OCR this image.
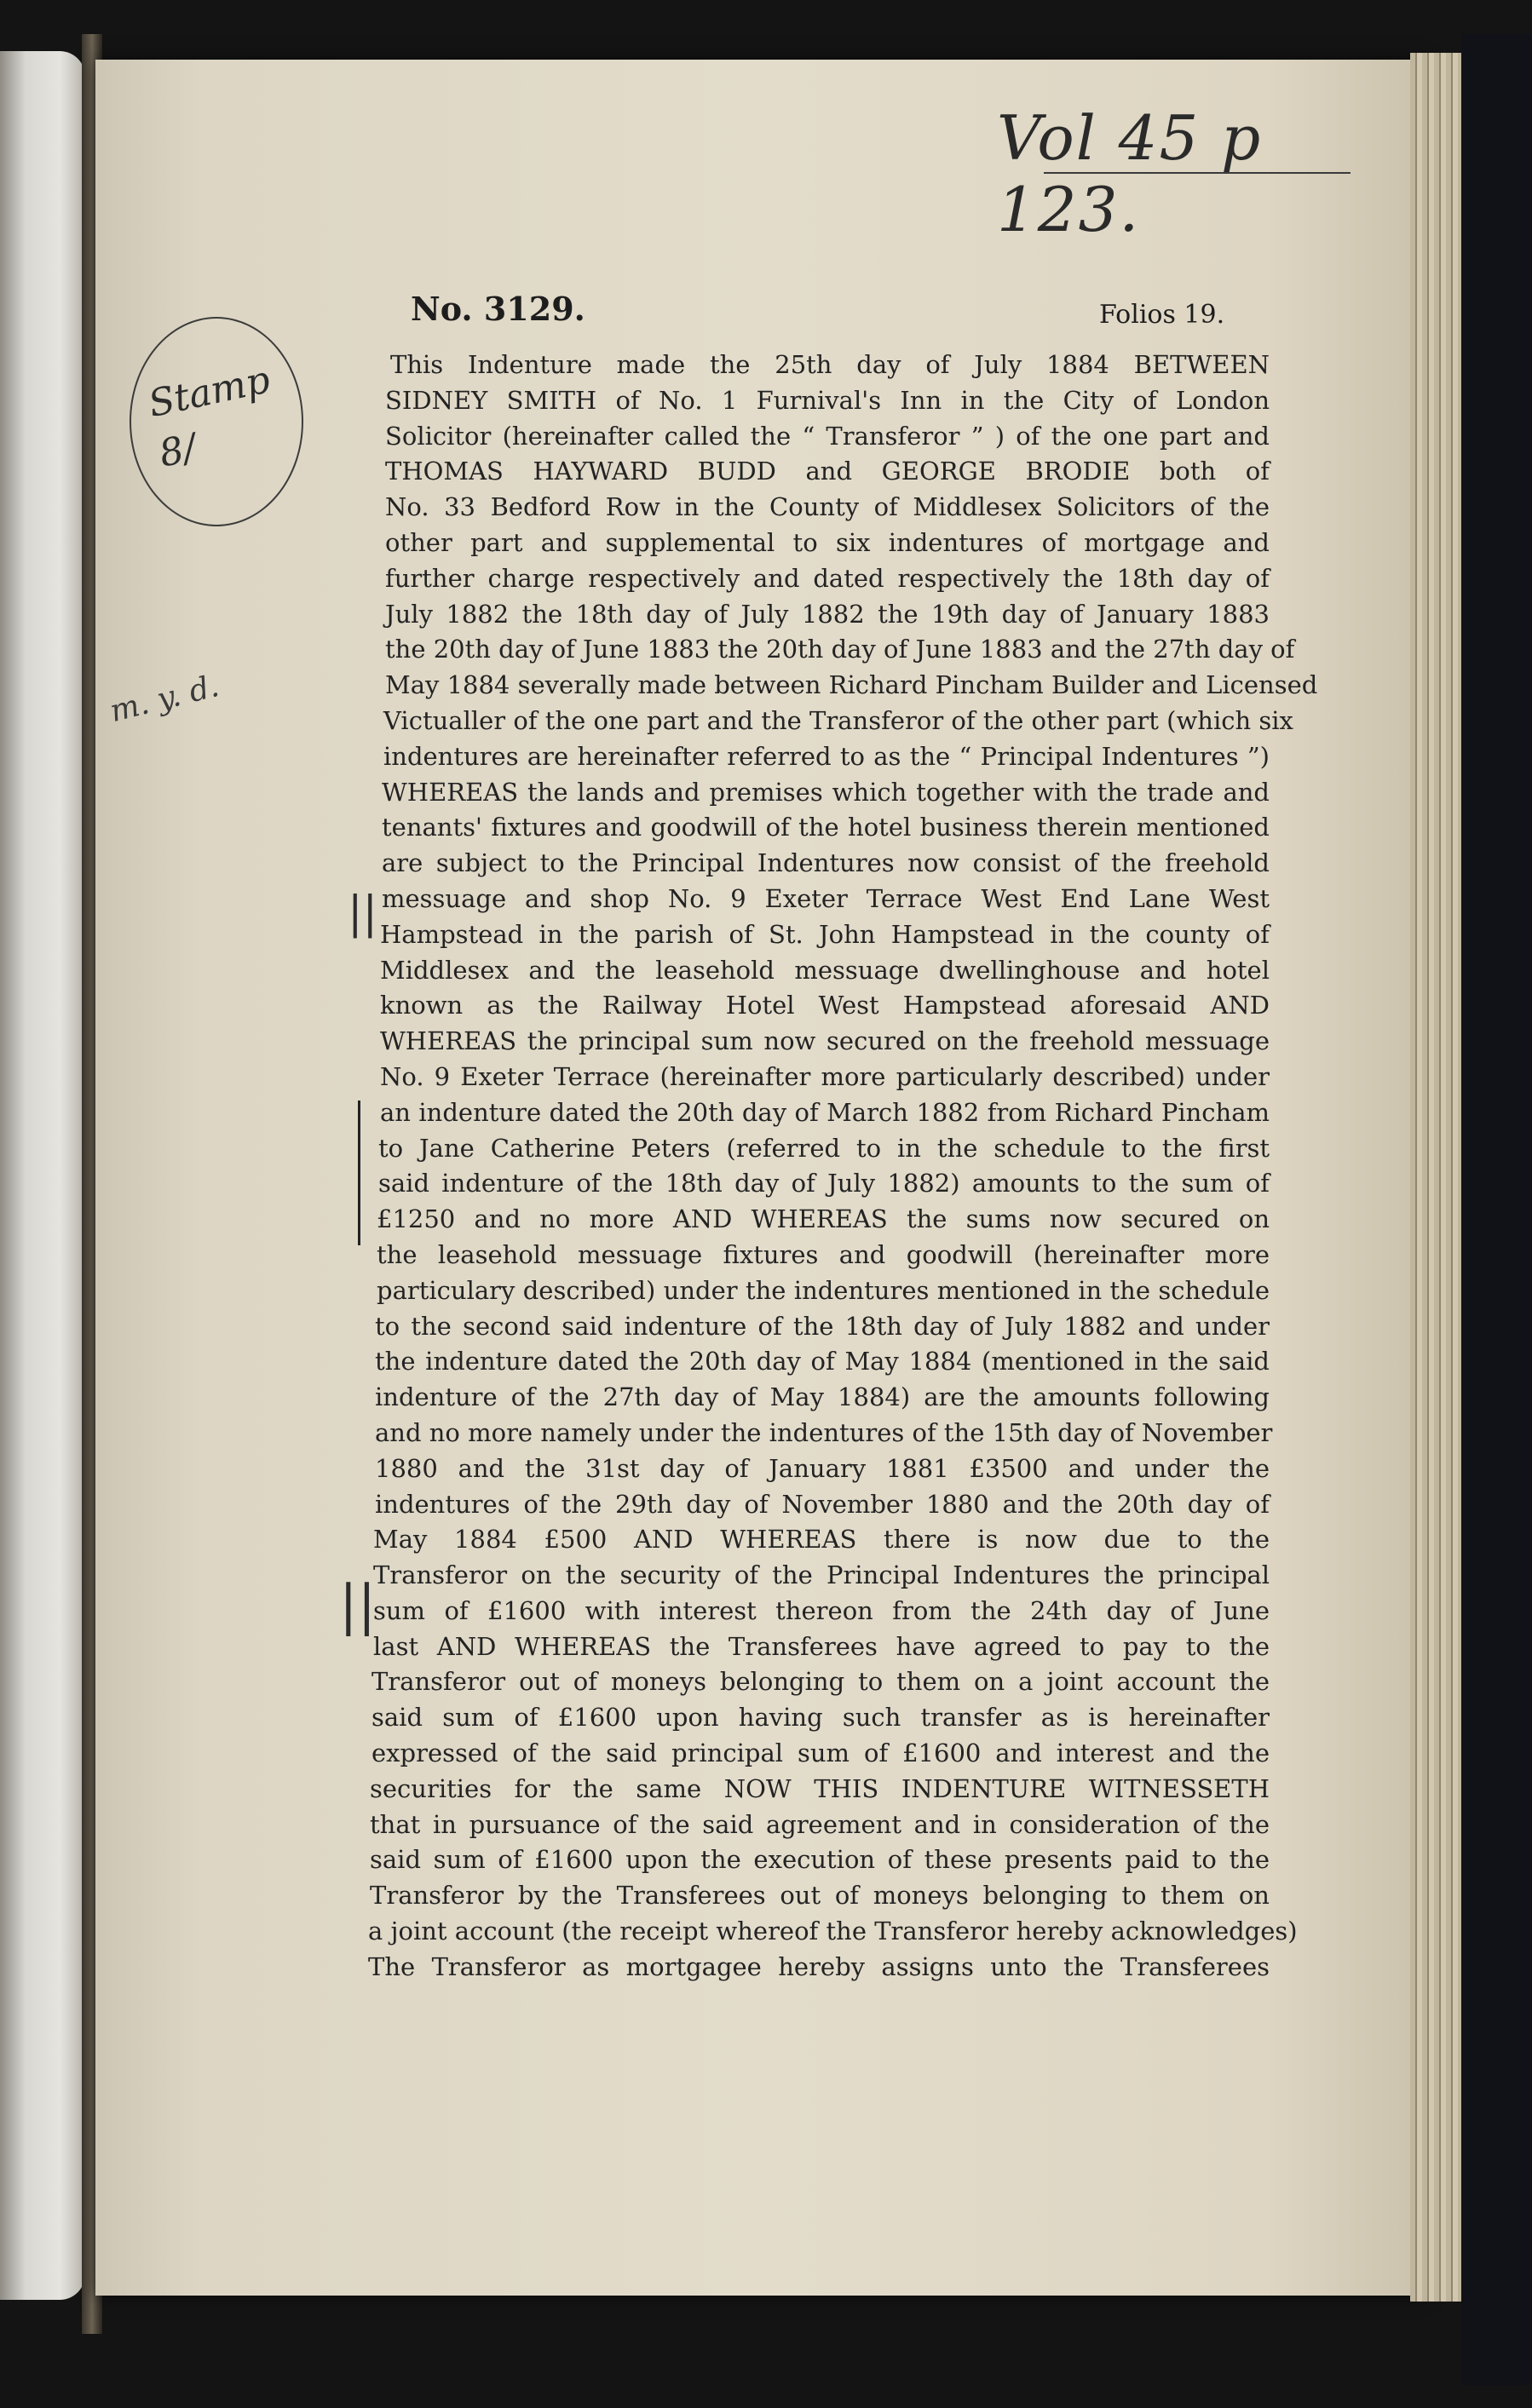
Vol 45 p 123.
No. 3129.	Folios 19.
Stamp
8/
m. y. d.
||
||
This Indenture made the 25th day of July 1884 BETWEEN
SIDNEY SMITH of No. 1 Furnival's Inn in the City of London
Solicitor (hereinafter called the “ Transferor ” ) of the one part and
THOMAS HAYWARD BUDD and GEORGE BRODIE both of
No. 33 Bedford Row in the County of Middlesex Solicitors of the
other part and supplemental to six indentures of mortgage and
further charge respectively and dated respectively the 18th day of
July 1882 the 18th day of July 1882 the 19th day of January 1883
the 20th day of June 1883 the 20th day of June 1883 and the 27th day of
May 1884 severally made between Richard Pincham Builder and Licensed
Victualler of the one part and the Transferor of the other part (which six
indentures are hereinafter referred to as the “ Principal Indentures ”)
WHEREAS the lands and premises which together with the trade and
tenants' fixtures and goodwill of the hotel business therein mentioned
are subject to the Principal Indentures now consist of the freehold
messuage and shop No. 9 Exeter Terrace West End Lane West
Hampstead in the parish of St. John Hampstead in the county of
Middlesex and the leasehold messuage dwellinghouse and hotel
known as the Railway Hotel West Hampstead aforesaid AND
WHEREAS the principal sum now secured on the freehold messuage
No. 9 Exeter Terrace (hereinafter more particularly described) under
an indenture dated the 20th day of March 1882 from Richard Pincham
to Jane Catherine Peters (referred to in the schedule to the first
said indenture of the 18th day of July 1882) amounts to the sum of
£1250 and no more AND WHEREAS the sums now secured on
the leasehold messuage fixtures and goodwill (hereinafter more
particulary described) under the indentures mentioned in the schedule
to the second said indenture of the 18th day of July 1882 and under
the indenture dated the 20th day of May 1884 (mentioned in the said
indenture of the 27th day of May 1884) are the amounts following
and no more namely under the indentures of the 15th day of November
1880 and the 31st day of January 1881 £3500 and under the
indentures of the 29th day of November 1880 and the 20th day of
May 1884 £500 AND WHEREAS there is now due to the
Transferor on the security of the Principal Indentures the principal
sum of £1600 with interest thereon from the 24th day of June
last AND WHEREAS the Transferees have agreed to pay to the
Transferor out of moneys belonging to them on a joint account the
said sum of £1600 upon having such transfer as is hereinafter
expressed of the said principal sum of £1600 and interest and the
securities for the same NOW THIS INDENTURE WITNESSETH
that in pursuance of the said agreement and in consideration of the
said sum of £1600 upon the execution of these presents paid to the
Transferor by the Transferees out of moneys belonging to them on
a joint account (the receipt whereof the Transferor hereby acknowledges)
The Transferor as mortgagee hereby assigns unto the Transferees
